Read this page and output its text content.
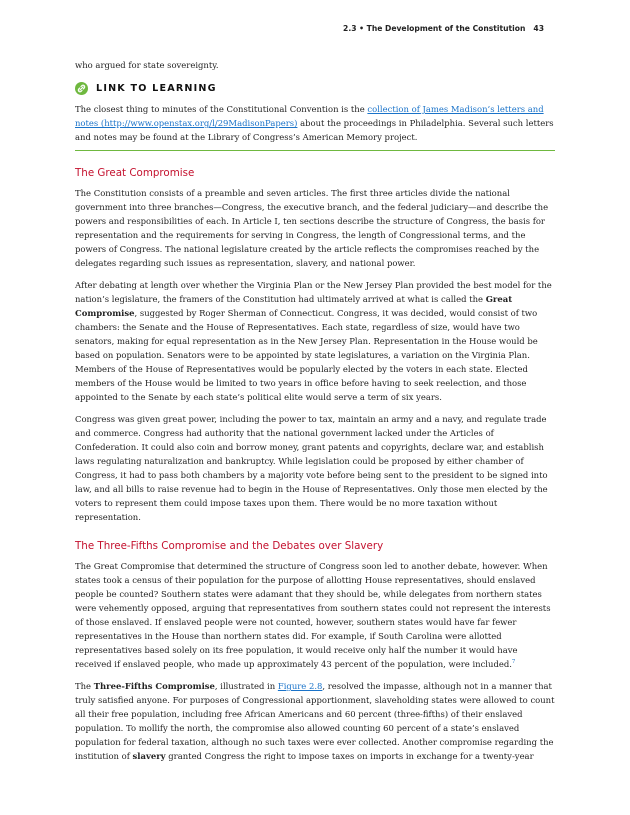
2.3 • The Development of the Constitution 43

who argued for state sovereignty.

LINK TO LEARNING

The closest thing to minutes of the Constitutional Convention is the collection of James Madison’s letters and notes (http://www.openstax.org/l/29MadisonPapers) about the proceedings in Philadelphia. Several such letters and notes may be found at the Library of Congress’s American Memory project.

The Great Compromise

The Constitution consists of a preamble and seven articles. The first three articles divide the national government into three branches—Congress, the executive branch, and the federal judiciary—and describe the powers and responsibilities of each. In Article I, ten sections describe the structure of Congress, the basis for representation and the requirements for serving in Congress, the length of Congressional terms, and the powers of Congress. The national legislature created by the article reflects the compromises reached by the delegates regarding such issues as representation, slavery, and national power.

After debating at length over whether the Virginia Plan or the New Jersey Plan provided the best model for the nation’s legislature, the framers of the Constitution had ultimately arrived at what is called the Great Compromise, suggested by Roger Sherman of Connecticut. Congress, it was decided, would consist of two chambers: the Senate and the House of Representatives. Each state, regardless of size, would have two senators, making for equal representation as in the New Jersey Plan. Representation in the House would be based on population. Senators were to be appointed by state legislatures, a variation on the Virginia Plan. Members of the House of Representatives would be popularly elected by the voters in each state. Elected members of the House would be limited to two years in office before having to seek reelection, and those appointed to the Senate by each state’s political elite would serve a term of six years.

Congress was given great power, including the power to tax, maintain an army and a navy, and regulate trade and commerce. Congress had authority that the national government lacked under the Articles of Confederation. It could also coin and borrow money, grant patents and copyrights, declare war, and establish laws regulating naturalization and bankruptcy. While legislation could be proposed by either chamber of Congress, it had to pass both chambers by a majority vote before being sent to the president to be signed into law, and all bills to raise revenue had to begin in the House of Representatives. Only those men elected by the voters to represent them could impose taxes upon them. There would be no more taxation without representation.

The Three-Fifths Compromise and the Debates over Slavery

The Great Compromise that determined the structure of Congress soon led to another debate, however. When states took a census of their population for the purpose of allotting House representatives, should enslaved people be counted? Southern states were adamant that they should be, while delegates from northern states were vehemently opposed, arguing that representatives from southern states could not represent the interests of those enslaved. If enslaved people were not counted, however, southern states would have far fewer representatives in the House than northern states did. For example, if South Carolina were allotted representatives based solely on its free population, it would receive only half the number it would have received if enslaved people, who made up approximately 43 percent of the population, were included.$^7$

The Three-Fifths Compromise, illustrated in Figure 2.8, resolved the impasse, although not in a manner that truly satisfied anyone. For purposes of Congressional apportionment, slaveholding states were allowed to count all their free population, including free African Americans and 60 percent (three-fifths) of their enslaved population. To mollify the north, the compromise also allowed counting 60 percent of a state’s enslaved population for federal taxation, although no such taxes were ever collected. Another compromise regarding the institution of slavery granted Congress the right to impose taxes on imports in exchange for a twenty-year
